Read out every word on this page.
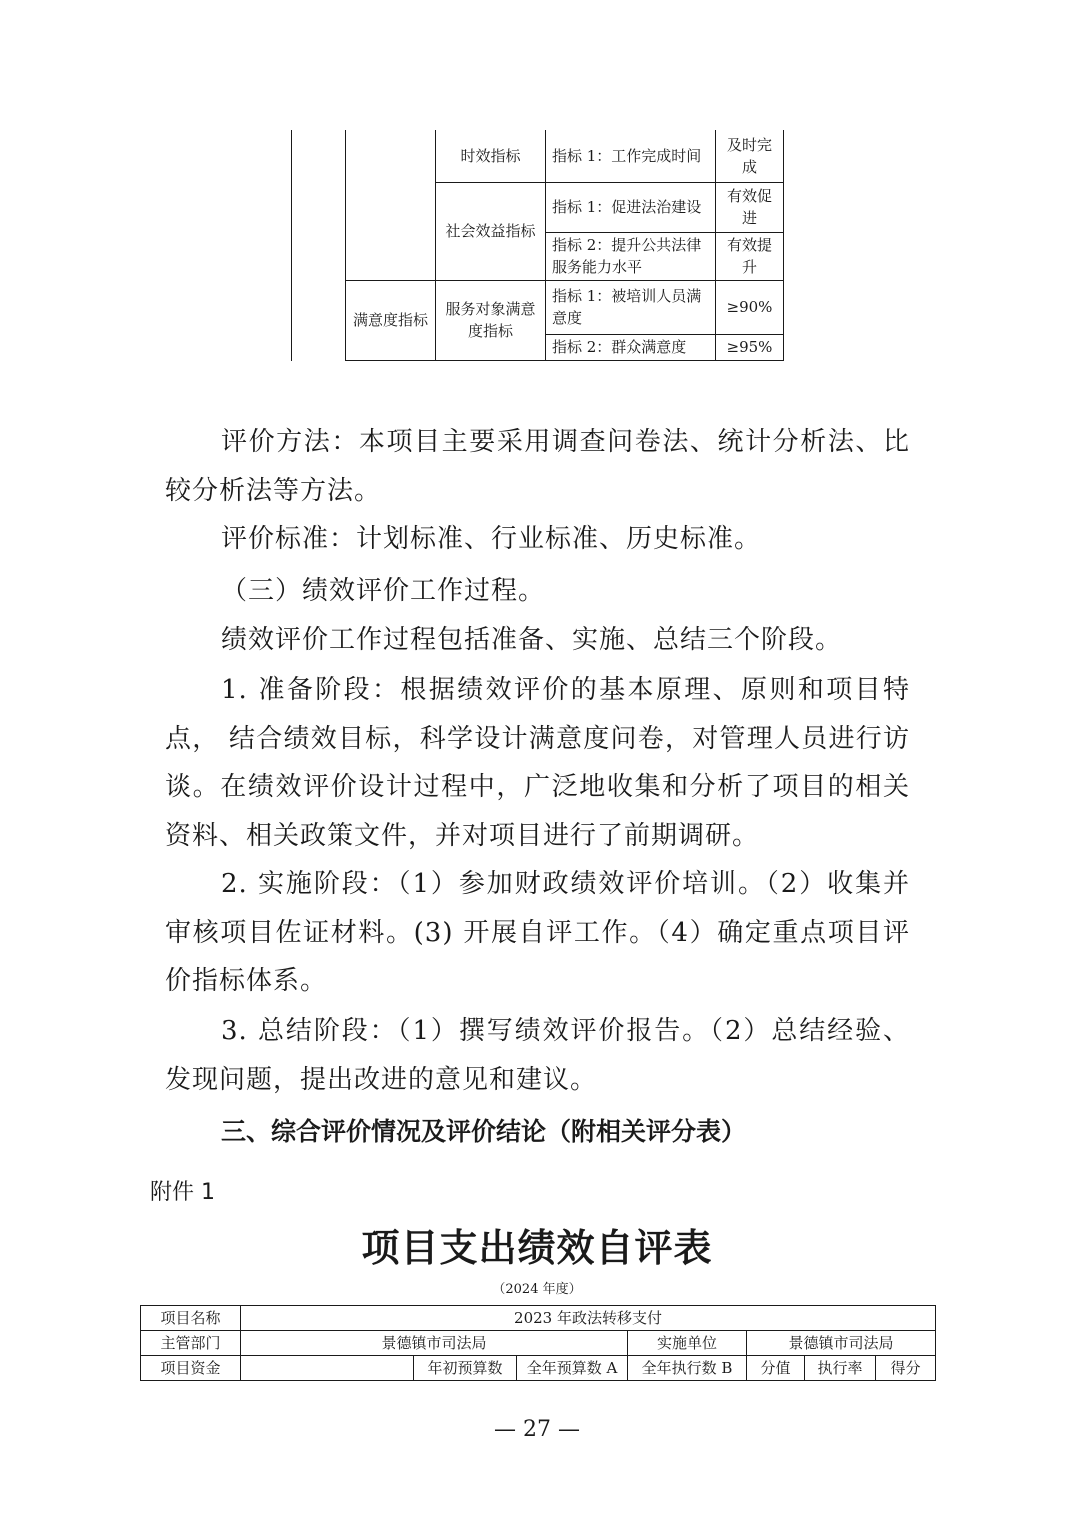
	时效指标	指标 1：工作完成时间	及时完成
	社会效益指标	指标 1：促进法治建设	有效促进
		指标 2：提升公共法律服务能力水平	有效提升
满意度指标	服务对象满意度指标	指标 1：被培训人员满意度	≥90%
		指标 2：群众满意度	≥95%
评价方法：本项目主要采用调查问卷法、统计分析法、比较分析法等方法。
评价标准：计划标准、行业标准、历史标准。
（三）绩效评价工作过程。
绩效评价工作过程包括准备、实施、总结三个阶段。
1. 准备阶段：根据绩效评价的基本原理、原则和项目特点， 结合绩效目标，科学设计满意度问卷，对管理人员进行访谈。在绩效评价设计过程中，广泛地收集和分析了项目的相关资料、相关政策文件，并对项目进行了前期调研。
2. 实施阶段：（1）参加财政绩效评价培训。（2）收集并审核项目佐证材料。(3) 开展自评工作。（4）确定重点项目评价指标体系。
3. 总结阶段：（1）撰写绩效评价报告。（2）总结经验、发现问题，提出改进的意见和建议。
三、综合评价情况及评价结论（附相关评分表）
附件 1
项目支出绩效自评表
（2024 年度）
项目名称	2023 年政法转移支付						
主管部门	景德镇市司法局			实施单位	景德镇市司法局		
项目资金		年初预算数	全年预算数 A	全年执行数 B	分值	执行率	得分
— 27 —
